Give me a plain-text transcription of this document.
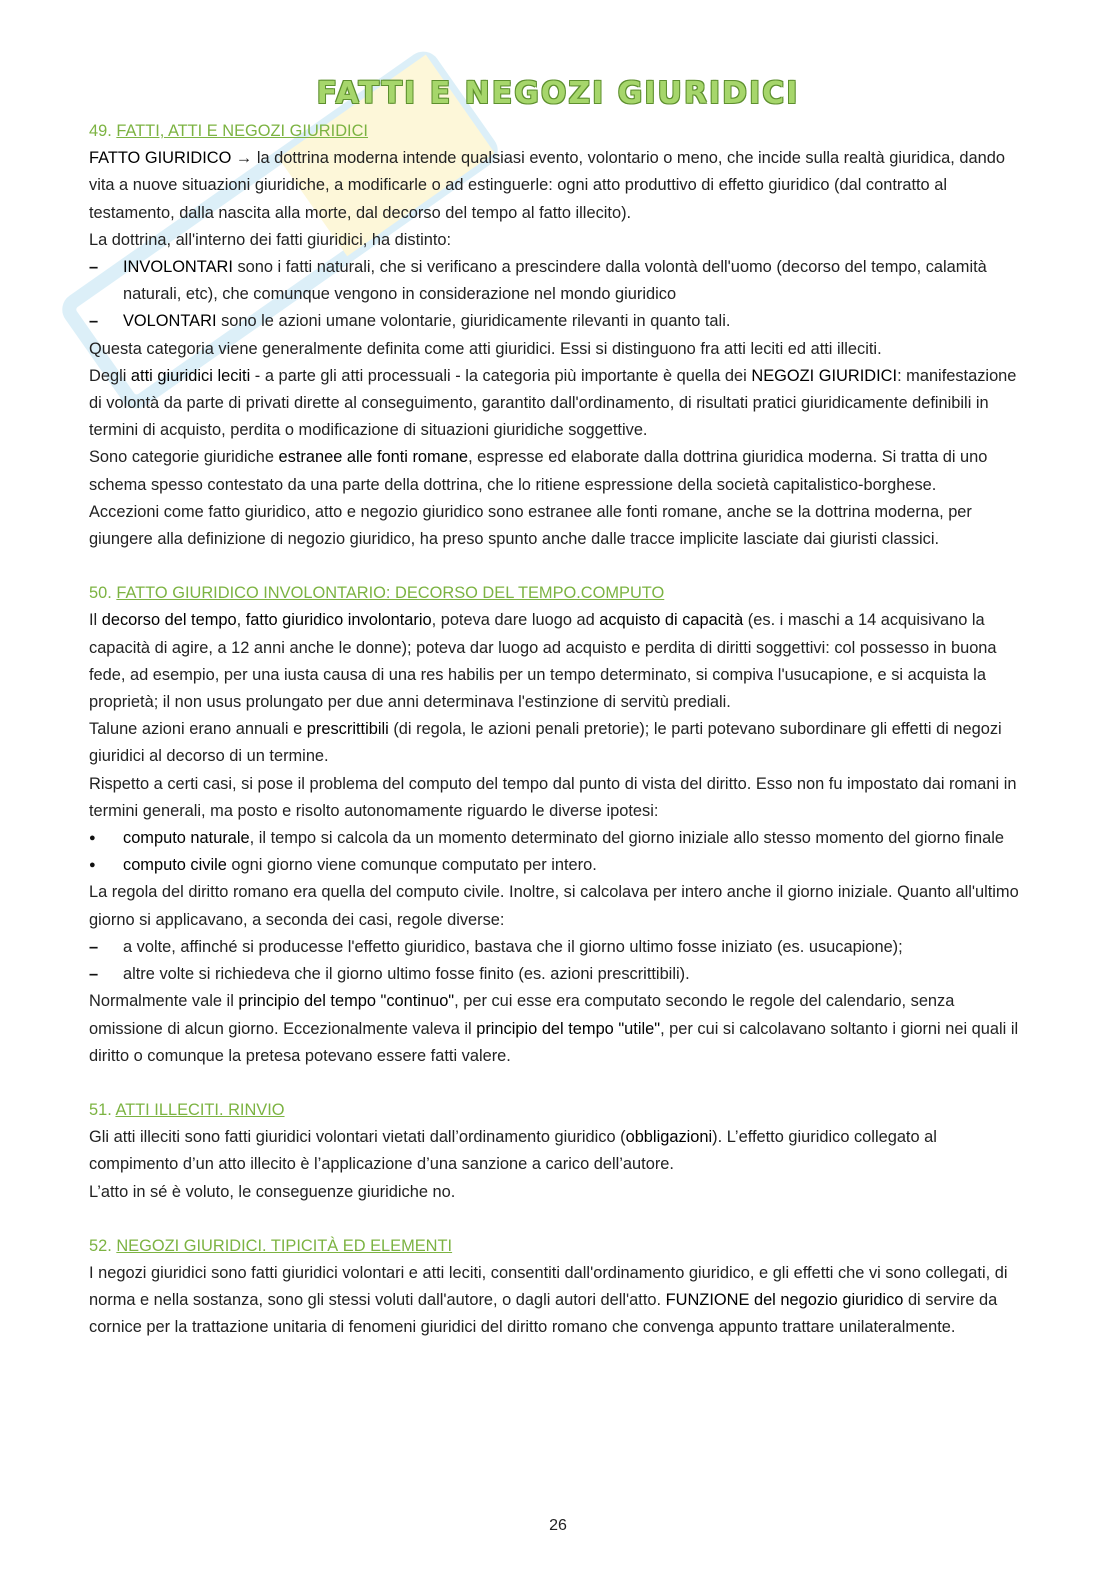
FATTI E NEGOZI GIURIDICI

49. FATTI, ATTI E NEGOZI GIURIDICI

FATTO GIURIDICO → la dottrina moderna intende qualsiasi evento, volontario o meno, che incide sulla realtà giuridica, dando vita a nuove situazioni giuridiche, a modificarle o ad estinguerle: ogni atto produttivo di effetto giuridico (dal contratto al testamento, dalla nascita alla morte, dal decorso del tempo al fatto illecito).

La dottrina, all'interno dei fatti giuridici, ha distinto:

– INVOLONTARI sono i fatti naturali, che si verificano a prescindere dalla volontà dell'uomo (decorso del tempo, calamità naturali, etc), che comunque vengono in considerazione nel mondo giuridico
– VOLONTARI sono le azioni umane volontarie, giuridicamente rilevanti in quanto tali.

Questa categoria viene generalmente definita come atti giuridici. Essi si distinguono fra atti leciti ed atti illeciti.

Degli atti giuridici leciti - a parte gli atti processuali - la categoria più importante è quella dei NEGOZI GIURIDICI: manifestazione di volontà da parte di privati dirette al conseguimento, garantito dall'ordinamento, di risultati pratici giuridicamente definibili in termini di acquisto, perdita o modificazione di situazioni giuridiche soggettive.

Sono categorie giuridiche estranee alle fonti romane, espresse ed elaborate dalla dottrina giuridica moderna. Si tratta di uno schema spesso contestato da una parte della dottrina, che lo ritiene espressione della società capitalistico-borghese.

Accezioni come fatto giuridico, atto e negozio giuridico sono estranee alle fonti romane, anche se la dottrina moderna, per giungere alla definizione di negozio giuridico, ha preso spunto anche dalle tracce implicite lasciate dai giuristi classici.

50. FATTO GIURIDICO INVOLONTARIO: DECORSO DEL TEMPO.COMPUTO

Il decorso del tempo, fatto giuridico involontario, poteva dare luogo ad acquisto di capacità (es. i maschi a 14 acquisivano la capacità di agire, a 12 anni anche le donne); poteva dar luogo ad acquisto e perdita di diritti soggettivi: col possesso in buona fede, ad esempio, per una iusta causa di una res habilis per un tempo determinato, si compiva l'usucapione, e si acquista la proprietà; il non usus prolungato per due anni determinava l'estinzione di servitù prediali.

Talune azioni erano annuali e prescrittibili (di regola, le azioni penali pretorie); le parti potevano subordinare gli effetti di negozi giuridici al decorso di un termine.

Rispetto a certi casi, si pose il problema del computo del tempo dal punto di vista del diritto. Esso non fu impostato dai romani in termini generali, ma posto e risolto autonomamente riguardo le diverse ipotesi:

● computo naturale, il tempo si calcola da un momento determinato del giorno iniziale allo stesso momento del giorno finale
● computo civile ogni giorno viene comunque computato per intero.

La regola del diritto romano era quella del computo civile. Inoltre, si calcolava per intero anche il giorno iniziale. Quanto all'ultimo giorno si applicavano, a seconda dei casi, regole diverse:

– a volte, affinché si producesse l'effetto giuridico, bastava che il giorno ultimo fosse iniziato (es. usucapione);
– altre volte si richiedeva che il giorno ultimo fosse finito (es. azioni prescrittibili).

Normalmente vale il principio del tempo "continuo", per cui esse era computato secondo le regole del calendario, senza omissione di alcun giorno. Eccezionalmente valeva il principio del tempo "utile", per cui si calcolavano soltanto i giorni nei quali il diritto o comunque la pretesa potevano essere fatti valere.

51. ATTI ILLECITI. RINVIO

Gli atti illeciti sono fatti giuridici volontari vietati dall’ordinamento giuridico (obbligazioni). L’effetto giuridico collegato al compimento d’un atto illecito è l’applicazione d’una sanzione a carico dell’autore.

L’atto in sé è voluto, le conseguenze giuridiche no.

52. NEGOZI GIURIDICI. TIPICITÀ ED ELEMENTI

I negozi giuridici sono fatti giuridici volontari e atti leciti, consentiti dall'ordinamento giuridico, e gli effetti che vi sono collegati, di norma e nella sostanza, sono gli stessi voluti dall'autore, o dagli autori dell'atto. FUNZIONE del negozio giuridico di servire da cornice per la trattazione unitaria di fenomeni giuridici del diritto romano che convenga appunto trattare unilateralmente.

26
